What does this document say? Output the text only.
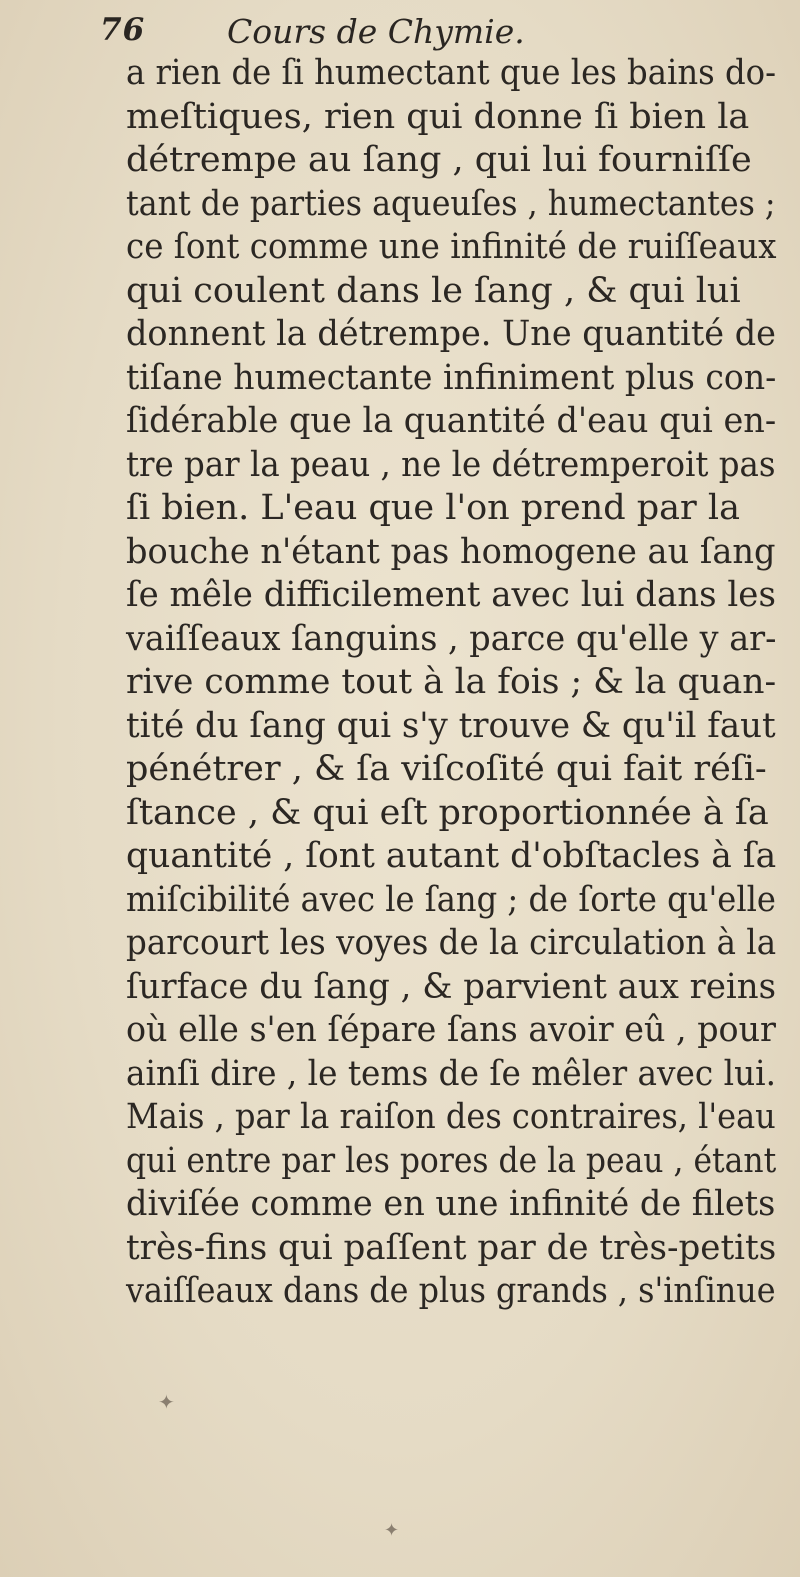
76 Cours de Chymie.
a rien de ſi humectant que les bains do-
meſtiques, rien qui donne ſi bien la
détrempe au ſang , qui lui fourniſſe
tant de parties aqueuſes , humectantes ;
ce ſont comme une infinité de ruiſſeaux
qui coulent dans le ſang , & qui lui
donnent la détrempe. Une quantité de
tiſane humectante infiniment plus con-
ſidérable que la quantité d'eau qui en-
tre par la peau , ne le détremperoit pas
ſi bien. L'eau que l'on prend par la
bouche n'étant pas homogene au ſang
ſe mêle difficilement avec lui dans les
vaiſſeaux ſanguins , parce qu'elle y ar-
rive comme tout à la fois ; & la quan-
tité du ſang qui s'y trouve & qu'il faut
pénétrer , & ſa viſcoſité qui fait réſi-
ſtance , & qui eſt proportionnée à ſa
quantité , ſont autant d'obſtacles à ſa
miſcibilité avec le ſang ; de ſorte qu'elle
parcourt les voyes de la circulation à la
ſurface du ſang , & parvient aux reins
où elle s'en ſépare ſans avoir eû , pour
ainſi dire , le tems de ſe mêler avec lui.
Mais , par la raiſon des contraires, l'eau
qui entre par les pores de la peau , étant
diviſée comme en une infinité de filets
très-fins qui paſſent par de très-petits
vaiſſeaux dans de plus grands , s'inſinue
✦
✦
